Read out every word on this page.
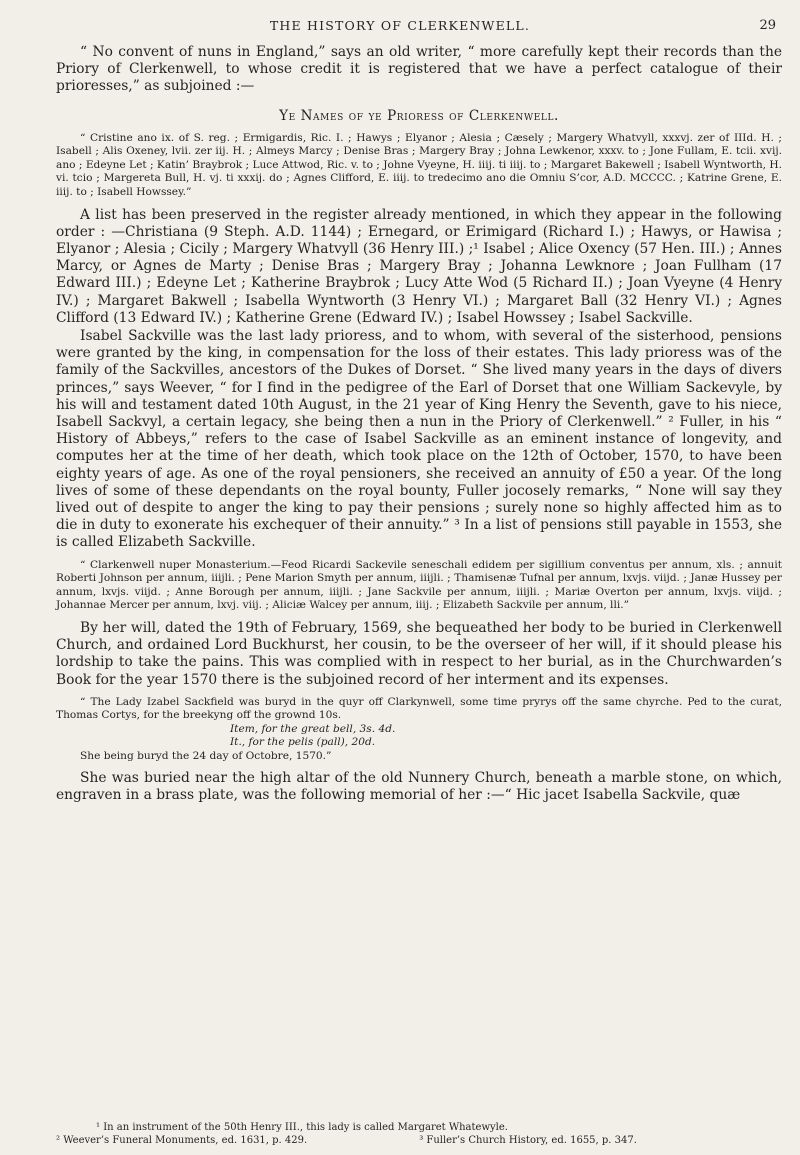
THE HISTORY OF CLERKENWELL.	29

“ No convent of nuns in England,” says an old writer, “ more carefully kept their records than the Priory of Clerkenwell, to whose credit it is registered that we have a perfect catalogue of their prioresses,” as subjoined :—

Ye Names of ye Prioress of Clerkenwell.

“ Cristine ano ix. of S. reg. ; Ermigardis, Ric. I. ; Hawys ; Elyanor ; Alesia ; Cæsely ; Margery Whatvyll, xxxvj. zer of IIId. H. ; Isabell ; Alis Oxeney, lvii. zer iij. H. ; Almeys Marcy ; Denise Bras ; Margery Bray ; Johna Lewkenor, xxxv. to ; Jone Fullam, E. tcii. xvij. ano ; Edeyne Let ; Katin’ Braybrok ; Luce Attwod, Ric. v. to ; Johne Vyeyne, H. iiij. ti iiij. to ; Margaret Bakewell ; Isabell Wyntworth, H. vi. tcio ; Margereta Bull, H. vj. ti xxxij. do ; Agnes Clifford, E. iiij. to tredecimo ano die Omniu S’cor, A.D. MCCCC. ; Katrine Grene, E. iiij. to ; Isabell Howssey.”

A list has been preserved in the register already mentioned, in which they appear in the following order : —Christiana (9 Steph. A.D. 1144) ; Ernegard, or Erimigard (Richard I.) ; Hawys, or Hawisa ; Elyanor ; Alesia ; Cicily ; Margery Whatvyll (36 Henry III.) ;¹ Isabel ; Alice Oxency (57 Hen. III.) ; Annes Marcy, or Agnes de Marty ; Denise Bras ; Margery Bray ; Johanna Lewknore ; Joan Fullham (17 Edward III.) ; Edeyne Let ; Katherine Braybrok ; Lucy Atte Wod (5 Richard II.) ; Joan Vyeyne (4 Henry IV.) ; Margaret Bakwell ; Isabella Wyntworth (3 Henry VI.) ; Margaret Ball (32 Henry VI.) ; Agnes Clifford (13 Edward IV.) ; Katherine Grene (Edward IV.) ; Isabel Howssey ; Isabel Sackville.

Isabel Sackville was the last lady prioress, and to whom, with several of the sisterhood, pensions were granted by the king, in compensation for the loss of their estates. This lady prioress was of the family of the Sackvilles, ancestors of the Dukes of Dorset. “ She lived many years in the days of divers princes,” says Weever, “ for I find in the pedigree of the Earl of Dorset that one William Sackevyle, by his will and testament dated 10th August, in the 21 year of King Henry the Seventh, gave to his niece, Isabell Sackvyl, a certain legacy, she being then a nun in the Priory of Clerkenwell.” ² Fuller, in his “ History of Abbeys,” refers to the case of Isabel Sackville as an eminent instance of longevity, and computes her at the time of her death, which took place on the 12th of October, 1570, to have been eighty years of age. As one of the royal pensioners, she received an annuity of £50 a year. Of the long lives of some of these dependants on the royal bounty, Fuller jocosely remarks, “ None will say they lived out of despite to anger the king to pay their pensions ; surely none so highly affected him as to die in duty to exonerate his exchequer of their annuity.” ³ In a list of pensions still payable in 1553, she is called Elizabeth Sackville.

“ Clarkenwell nuper Monasterium.—Feod Ricardi Sackevile seneschali edidem per sigillium conventus per annum, xls. ; annuit Roberti Johnson per annum, iiijli. ; Pene Marion Smyth per annum, iiijli. ; Thamisenæ Tufnal per annum, lxvjs. viijd. ; Janæ Hussey per annum, lxvjs. viijd. ; Anne Borough per annum, iiijli. ; Jane Sackvile per annum, iiijli. ; Mariæ Overton per annum, lxvjs. viijd. ; Johannae Mercer per annum, lxvj. viij. ; Aliciæ Walcey per annum, iiij. ; Elizabeth Sackvile per annum, lli.”

By her will, dated the 19th of February, 1569, she bequeathed her body to be buried in Clerkenwell Church, and ordained Lord Buckhurst, her cousin, to be the overseer of her will, if it should please his lordship to take the pains. This was complied with in respect to her burial, as in the Churchwarden’s Book for the year 1570 there is the subjoined record of her interment and its expenses.

“ The Lady Izabel Sackfield was buryd in the quyr off Clarkynwell, some time pryrys off the same chyrche. Ped to the curat, Thomas Cortys, for the breekyng off the grownd 10s.

Item, for the great bell, 3s. 4d.
It., for the pelis (pall), 20d.
She being buryd the 24 day of Octobre, 1570.”

She was buried near the high altar of the old Nunnery Church, beneath a marble stone, on which, engraven in a brass plate, was the following memorial of her :—“ Hic jacet Isabella Sackvile, quæ

¹ In an instrument of the 50th Henry III., this lady is called Margaret Whatewyle.
² Weever’s Funeral Monuments, ed. 1631, p. 429.	³ Fuller’s Church History, ed. 1655, p. 347.
